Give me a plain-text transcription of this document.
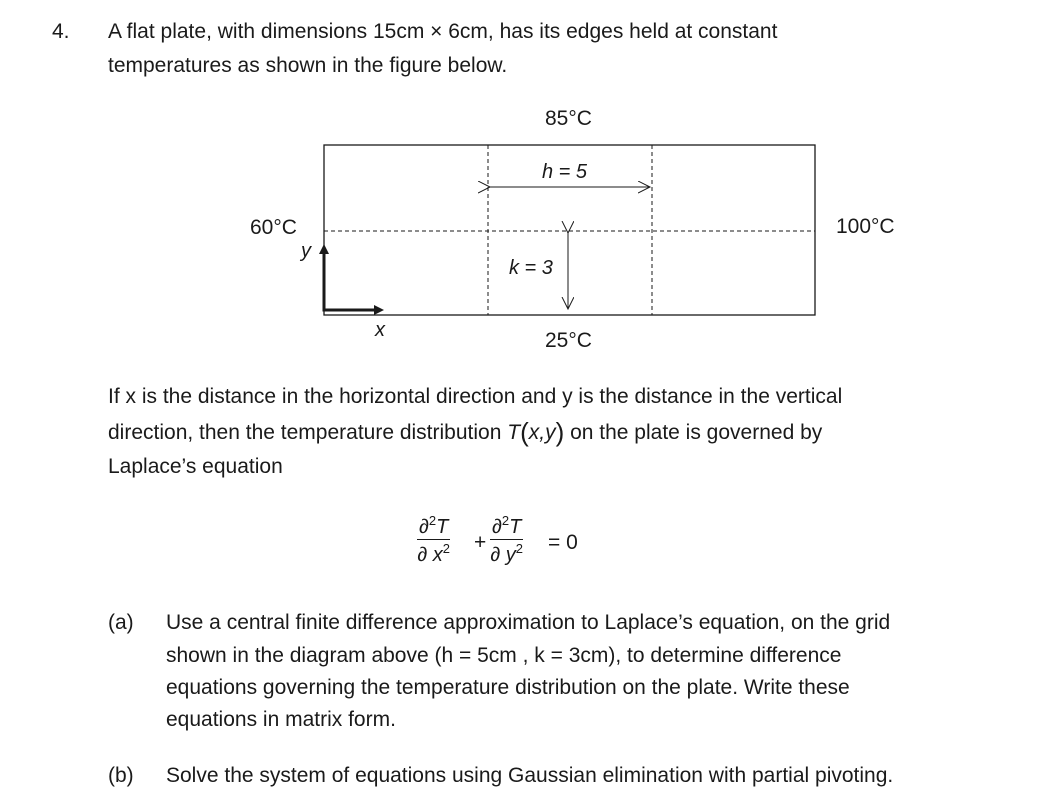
4. A flat plate, with dimensions 15cm × 6cm, has its edges held at constant
temperatures as shown in the figure below.
85°C
25°C
60°C	100°C
h = 5
k = 3
y
x
If x is the distance in the horizontal direction and y is the distance in the vertical
direction, then the temperature distribution T(x,y) on the plate is governed by
Laplace’s equation
$\frac{\partial^2T}{\partial x^2} + \frac{\partial^2T}{\partial y^2} = 0$
(a) Use a central finite difference approximation to Laplace’s equation, on the grid
shown in the diagram above (h = 5cm , k = 3cm), to determine difference
equations governing the temperature distribution on the plate. Write these
equations in matrix form.
(b) Solve the system of equations using Gaussian elimination with partial pivoting.
